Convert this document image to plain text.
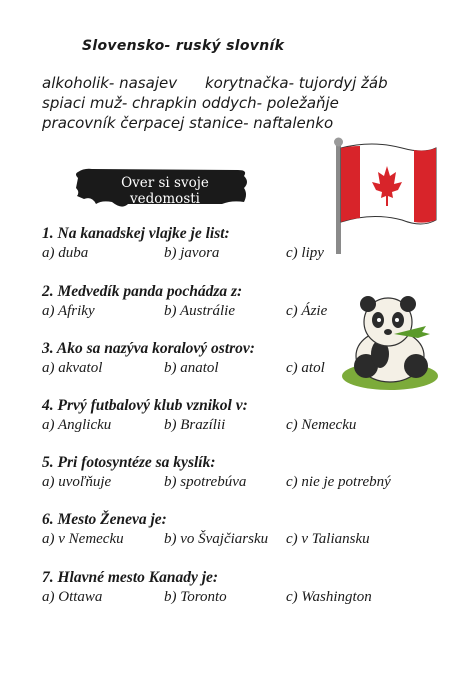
Slovensko- ruský slovník
alkoholik- nasajev korytnačka- tujordyj žáb
spiaci muž- chrapkin oddych- poležaňje
pracovník čerpacej stanice- naftalenko
Over si svoje vedomosti
1. Na kanadskej vlajke je list:
a) duba	b) javora	c) lipy
2. Medvedík panda pochádza z:
a) Afriky	b) Austrálie	c) Ázie
3. Ako sa nazýva koralový ostrov:
a) akvatol	b) anatol	c) atol
4. Prvý futbalový klub vznikol v:
a) Anglicku	b) Brazílii	c) Nemecku
5. Pri fotosyntéze sa kyslík:
a) uvoľňuje	b) spotrebúva	c) nie je potrebný
6. Mesto Ženeva je:
a) v Nemecku	b) vo Švajčiarsku c) v Taliansku
7. Hlavné mesto Kanady je:
a) Ottawa	b) Toronto	c) Washington
